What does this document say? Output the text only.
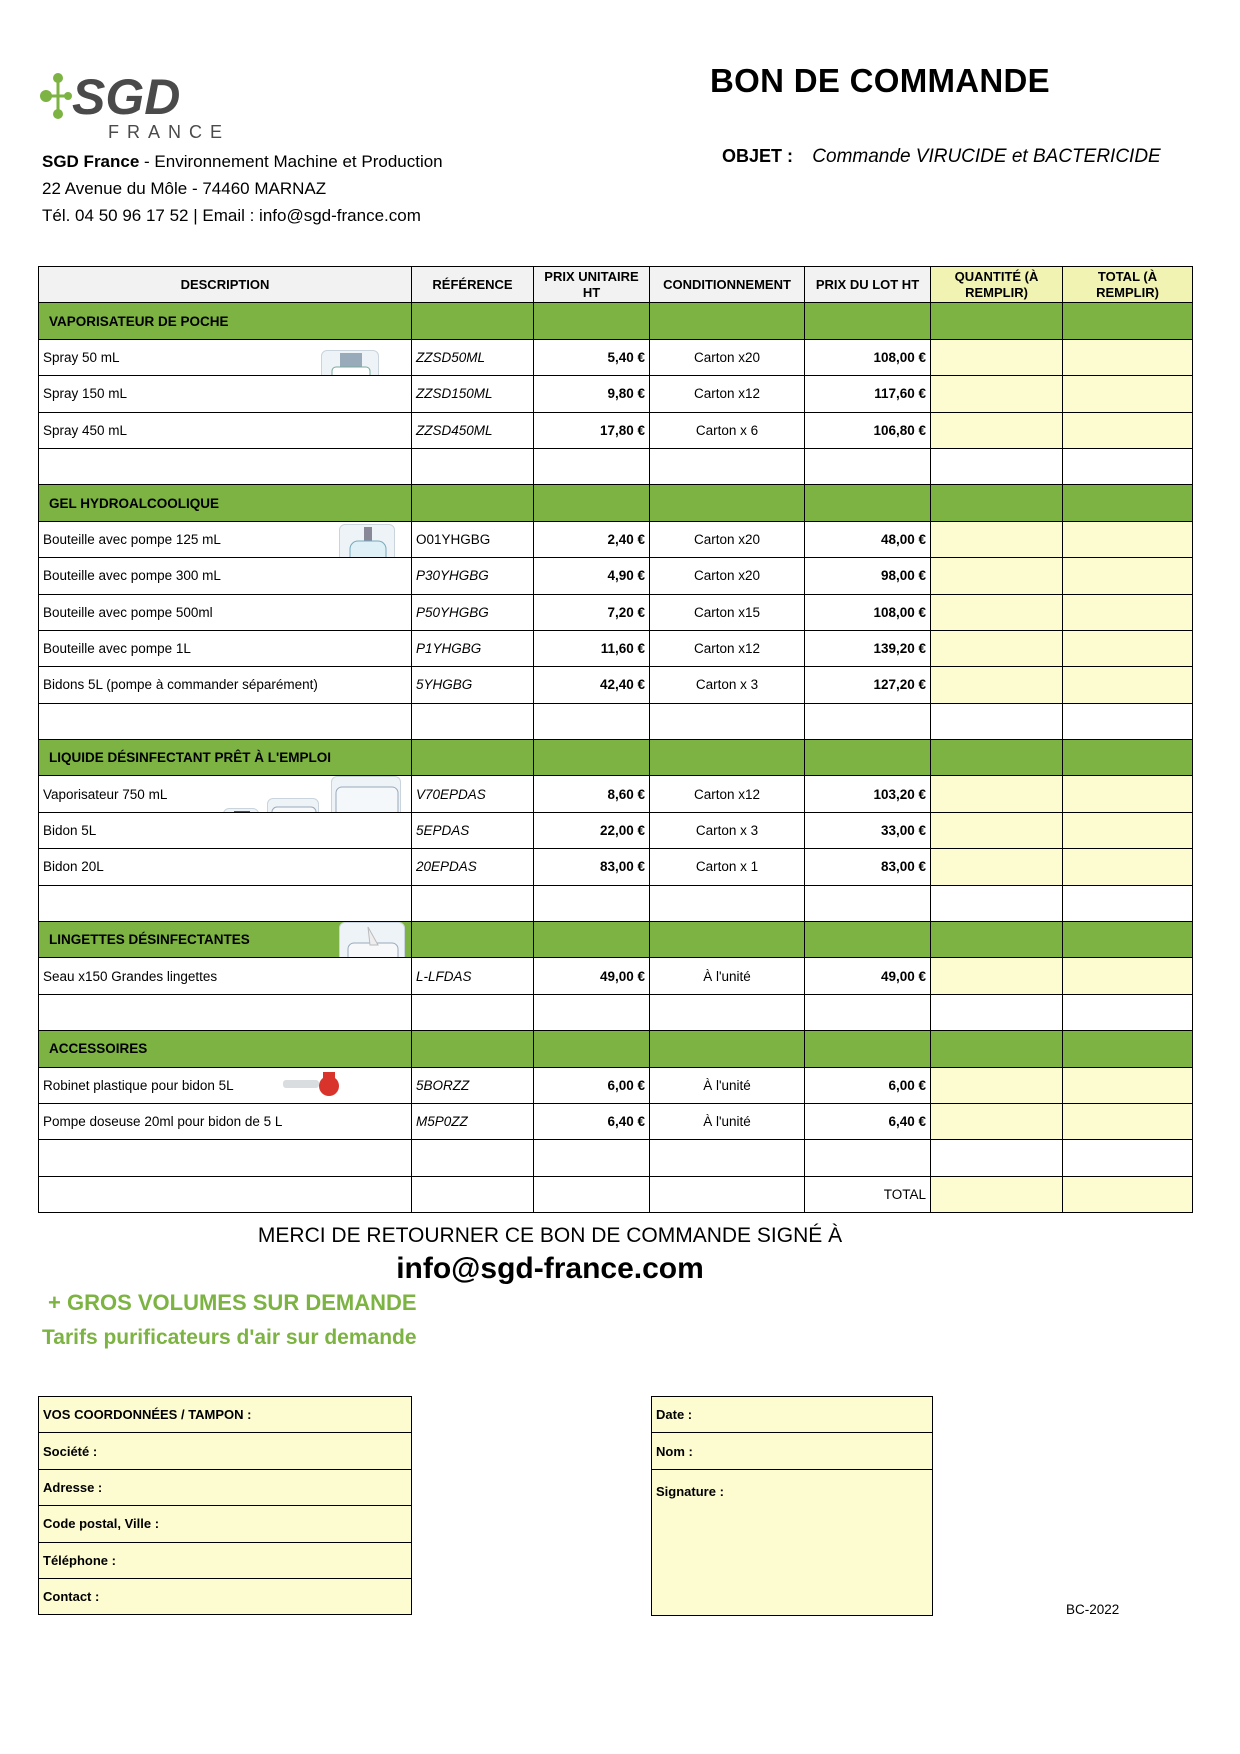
SGD
FRANCE
SGD France - Environnement Machine et Production
22 Avenue du Môle - 74460 MARNAZ
Tél. 04 50 96 17 52 | Email : info@sgd-france.com
BON DE COMMANDE
OBJET : Commande VIRUCIDE et BACTERICIDE
DESCRIPTION	RÉFÉRENCE	PRIX UNITAIRE HT	CONDITIONNEMENT	PRIX DU LOT HT	QUANTITÉ (À REMPLIR)	TOTAL (À REMPLIR)
VAPORISATEUR DE POCHE						
Spray 50 mL	ZZSD50ML	5,40 €	Carton x20	108,00 €		
Spray 150 mL	ZZSD150ML	9,80 €	Carton x12	117,60 €		
Spray 450 mL	ZZSD450ML	17,80 €	Carton x 6	106,80 €		

GEL HYDROALCOOLIQUE						
Bouteille avec pompe 125 mL	O01YHGBG	2,40 €	Carton x20	48,00 €		
Bouteille avec pompe 300 mL	P30YHGBG	4,90 €	Carton x20	98,00 €		
Bouteille avec pompe 500ml	P50YHGBG	7,20 €	Carton x15	108,00 €		
Bouteille avec pompe 1L	P1YHGBG	11,60 €	Carton x12	139,20 €		
Bidons 5L (pompe à commander séparément)	5YHGBG	42,40 €	Carton x 3	127,20 €		

LIQUIDE DÉSINFECTANT PRÊT À L'EMPLOI						
Vaporisateur 750 mL	V70EPDAS	8,60 €	Carton x12	103,20 €		
Bidon 5L	5EPDAS	22,00 €	Carton x 3	33,00 €		
Bidon 20L	20EPDAS	83,00 €	Carton x 1	83,00 €		

LINGETTES DÉSINFECTANTES

Seau x150 Grandes lingettes	L-LFDAS	49,00 €	À l'unité	49,00 €		

ACCESSOIRES						
Robinet plastique pour bidon 5L	5BORZZ	6,00 €	À l'unité	6,00 €		
Pompe doseuse 20ml pour bidon de 5 L	M5P0ZZ	6,40 €	À l'unité	6,40 €		

				TOTAL		
MERCI DE RETOURNER CE BON DE COMMANDE SIGNÉ À
info@sgd-france.com
+ GROS VOLUMES SUR DEMANDE
Tarifs purificateurs d'air sur demande
VOS COORDONNÉES / TAMPON :
Société :
Adresse :
Code postal, Ville :
Téléphone :
Contact :
Date :
Nom :
Signature :
BC-2022
